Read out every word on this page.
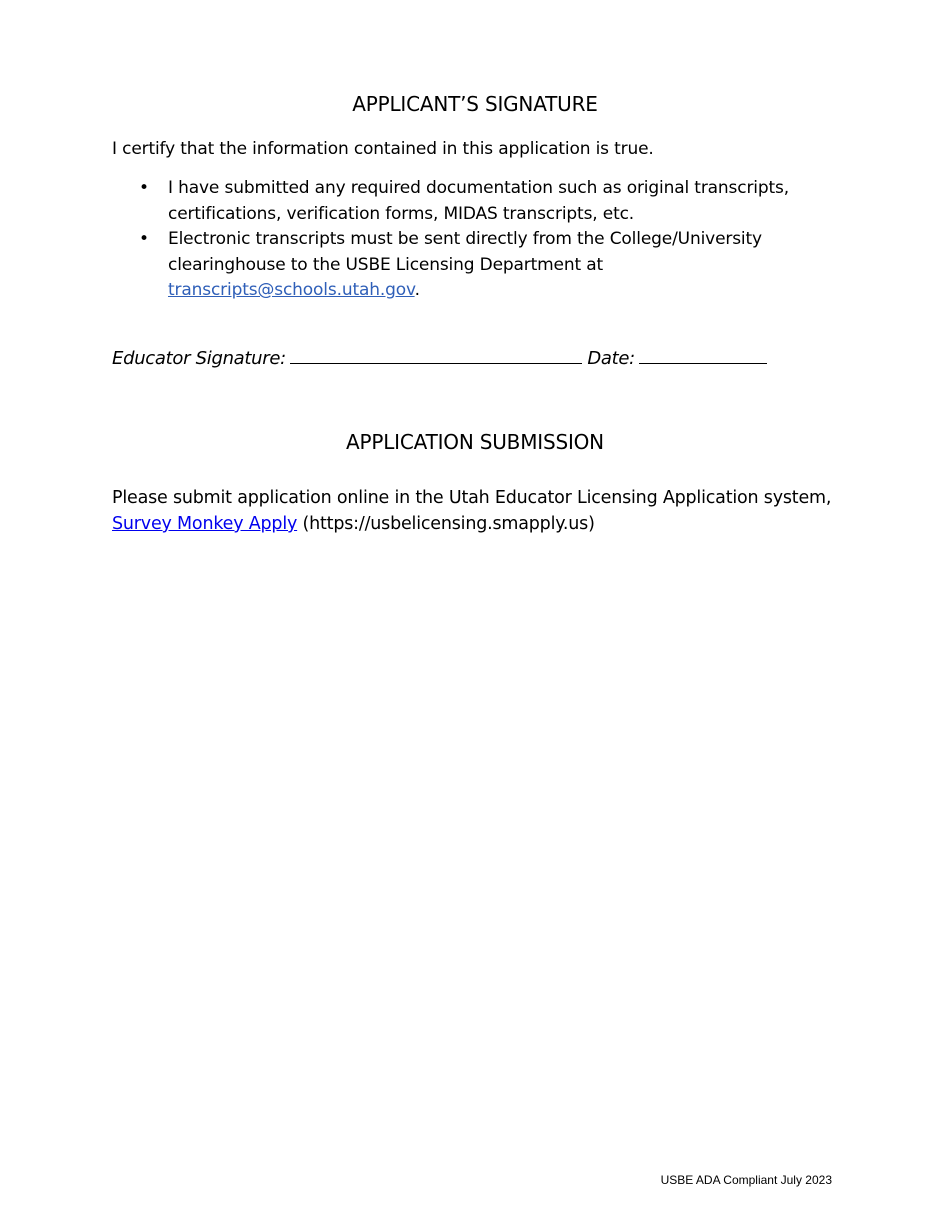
APPLICANT’S SIGNATURE

I certify that the information contained in this application is true.

• I have submitted any required documentation such as original transcripts, certifications, verification forms, MIDAS transcripts, etc.
• Electronic transcripts must be sent directly from the College/University clearinghouse to the USBE Licensing Department at transcripts@schools.utah.gov.

Educator Signature:	Date:

APPLICATION SUBMISSION

Please submit application online in the Utah Educator Licensing Application system, Survey Monkey Apply (https://usbelicensing.smapply.us)

USBE ADA Compliant July 2023
